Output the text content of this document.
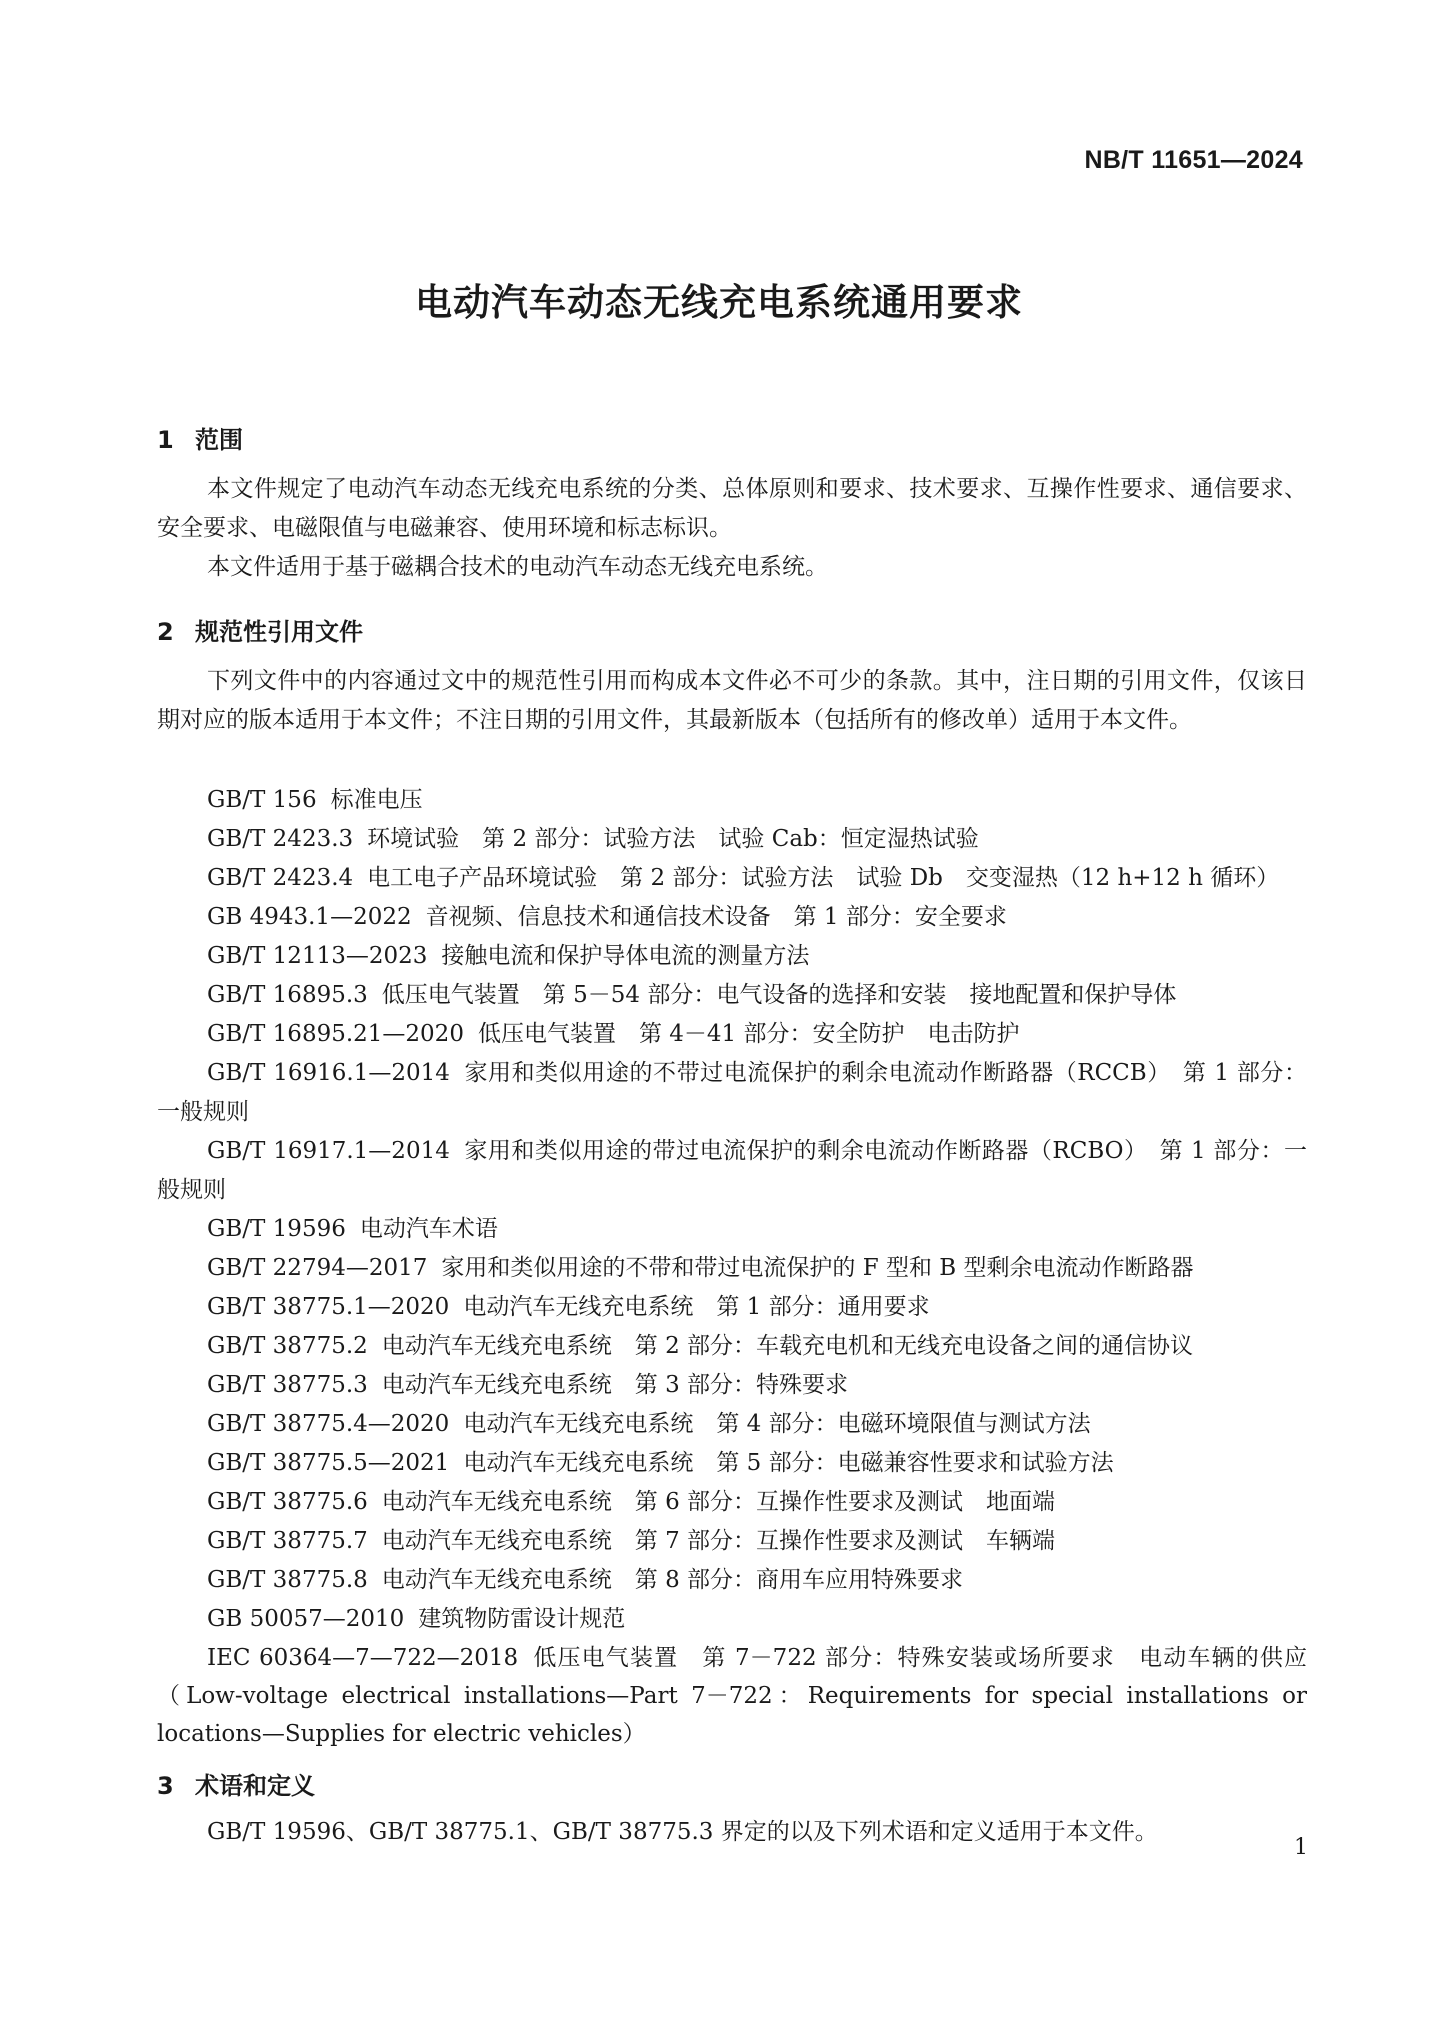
NB/T 11651—2024
电动汽车动态无线充电系统通用要求
1 范围

本文件规定了电动汽车动态无线充电系统的分类、总体原则和要求、技术要求、互操作性要求、通信要求、安全要求、电磁限值与电磁兼容、使用环境和标志标识。

本文件适用于基于磁耦合技术的电动汽车动态无线充电系统。

2 规范性引用文件

下列文件中的内容通过文中的规范性引用而构成本文件必不可少的条款。其中，注日期的引用文件，仅该日期对应的版本适用于本文件；不注日期的引用文件，其最新版本（包括所有的修改单）适用于本文件。

GB/T 156 标准电压

GB/T 2423.3 环境试验　第 2 部分：试验方法　试验 Cab：恒定湿热试验

GB/T 2423.4 电工电子产品环境试验　第 2 部分：试验方法　试验 Db　交变湿热（12 h+12 h 循环）

GB 4943.1—2022 音视频、信息技术和通信技术设备　第 1 部分：安全要求

GB/T 12113—2023 接触电流和保护导体电流的测量方法

GB/T 16895.3 低压电气装置　第 5－54 部分：电气设备的选择和安装　接地配置和保护导体

GB/T 16895.21—2020 低压电气装置　第 4－41 部分：安全防护　电击防护

GB/T 16916.1—2014 家用和类似用途的不带过电流保护的剩余电流动作断路器（RCCB）　第 1 部分：一般规则

GB/T 16917.1—2014 家用和类似用途的带过电流保护的剩余电流动作断路器（RCBO）　第 1 部分：一般规则

GB/T 19596 电动汽车术语

GB/T 22794—2017 家用和类似用途的不带和带过电流保护的 F 型和 B 型剩余电流动作断路器

GB/T 38775.1—2020 电动汽车无线充电系统　第 1 部分：通用要求

GB/T 38775.2 电动汽车无线充电系统　第 2 部分：车载充电机和无线充电设备之间的通信协议

GB/T 38775.3 电动汽车无线充电系统　第 3 部分：特殊要求

GB/T 38775.4—2020 电动汽车无线充电系统　第 4 部分：电磁环境限值与测试方法

GB/T 38775.5—2021 电动汽车无线充电系统　第 5 部分：电磁兼容性要求和试验方法

GB/T 38775.6 电动汽车无线充电系统　第 6 部分：互操作性要求及测试　地面端

GB/T 38775.7 电动汽车无线充电系统　第 7 部分：互操作性要求及测试　车辆端

GB/T 38775.8 电动汽车无线充电系统　第 8 部分：商用车应用特殊要求

GB 50057—2010 建筑物防雷设计规范

IEC 60364—7—722—2018 低压电气装置　第 7－722 部分：特殊安装或场所要求　电动车辆的供应（Low-voltage electrical installations—Part 7－722：Requirements for special installations or locations—Supplies for electric vehicles）

3 术语和定义

GB/T 19596、GB/T 38775.1、GB/T 38775.3 界定的以及下列术语和定义适用于本文件。

1
